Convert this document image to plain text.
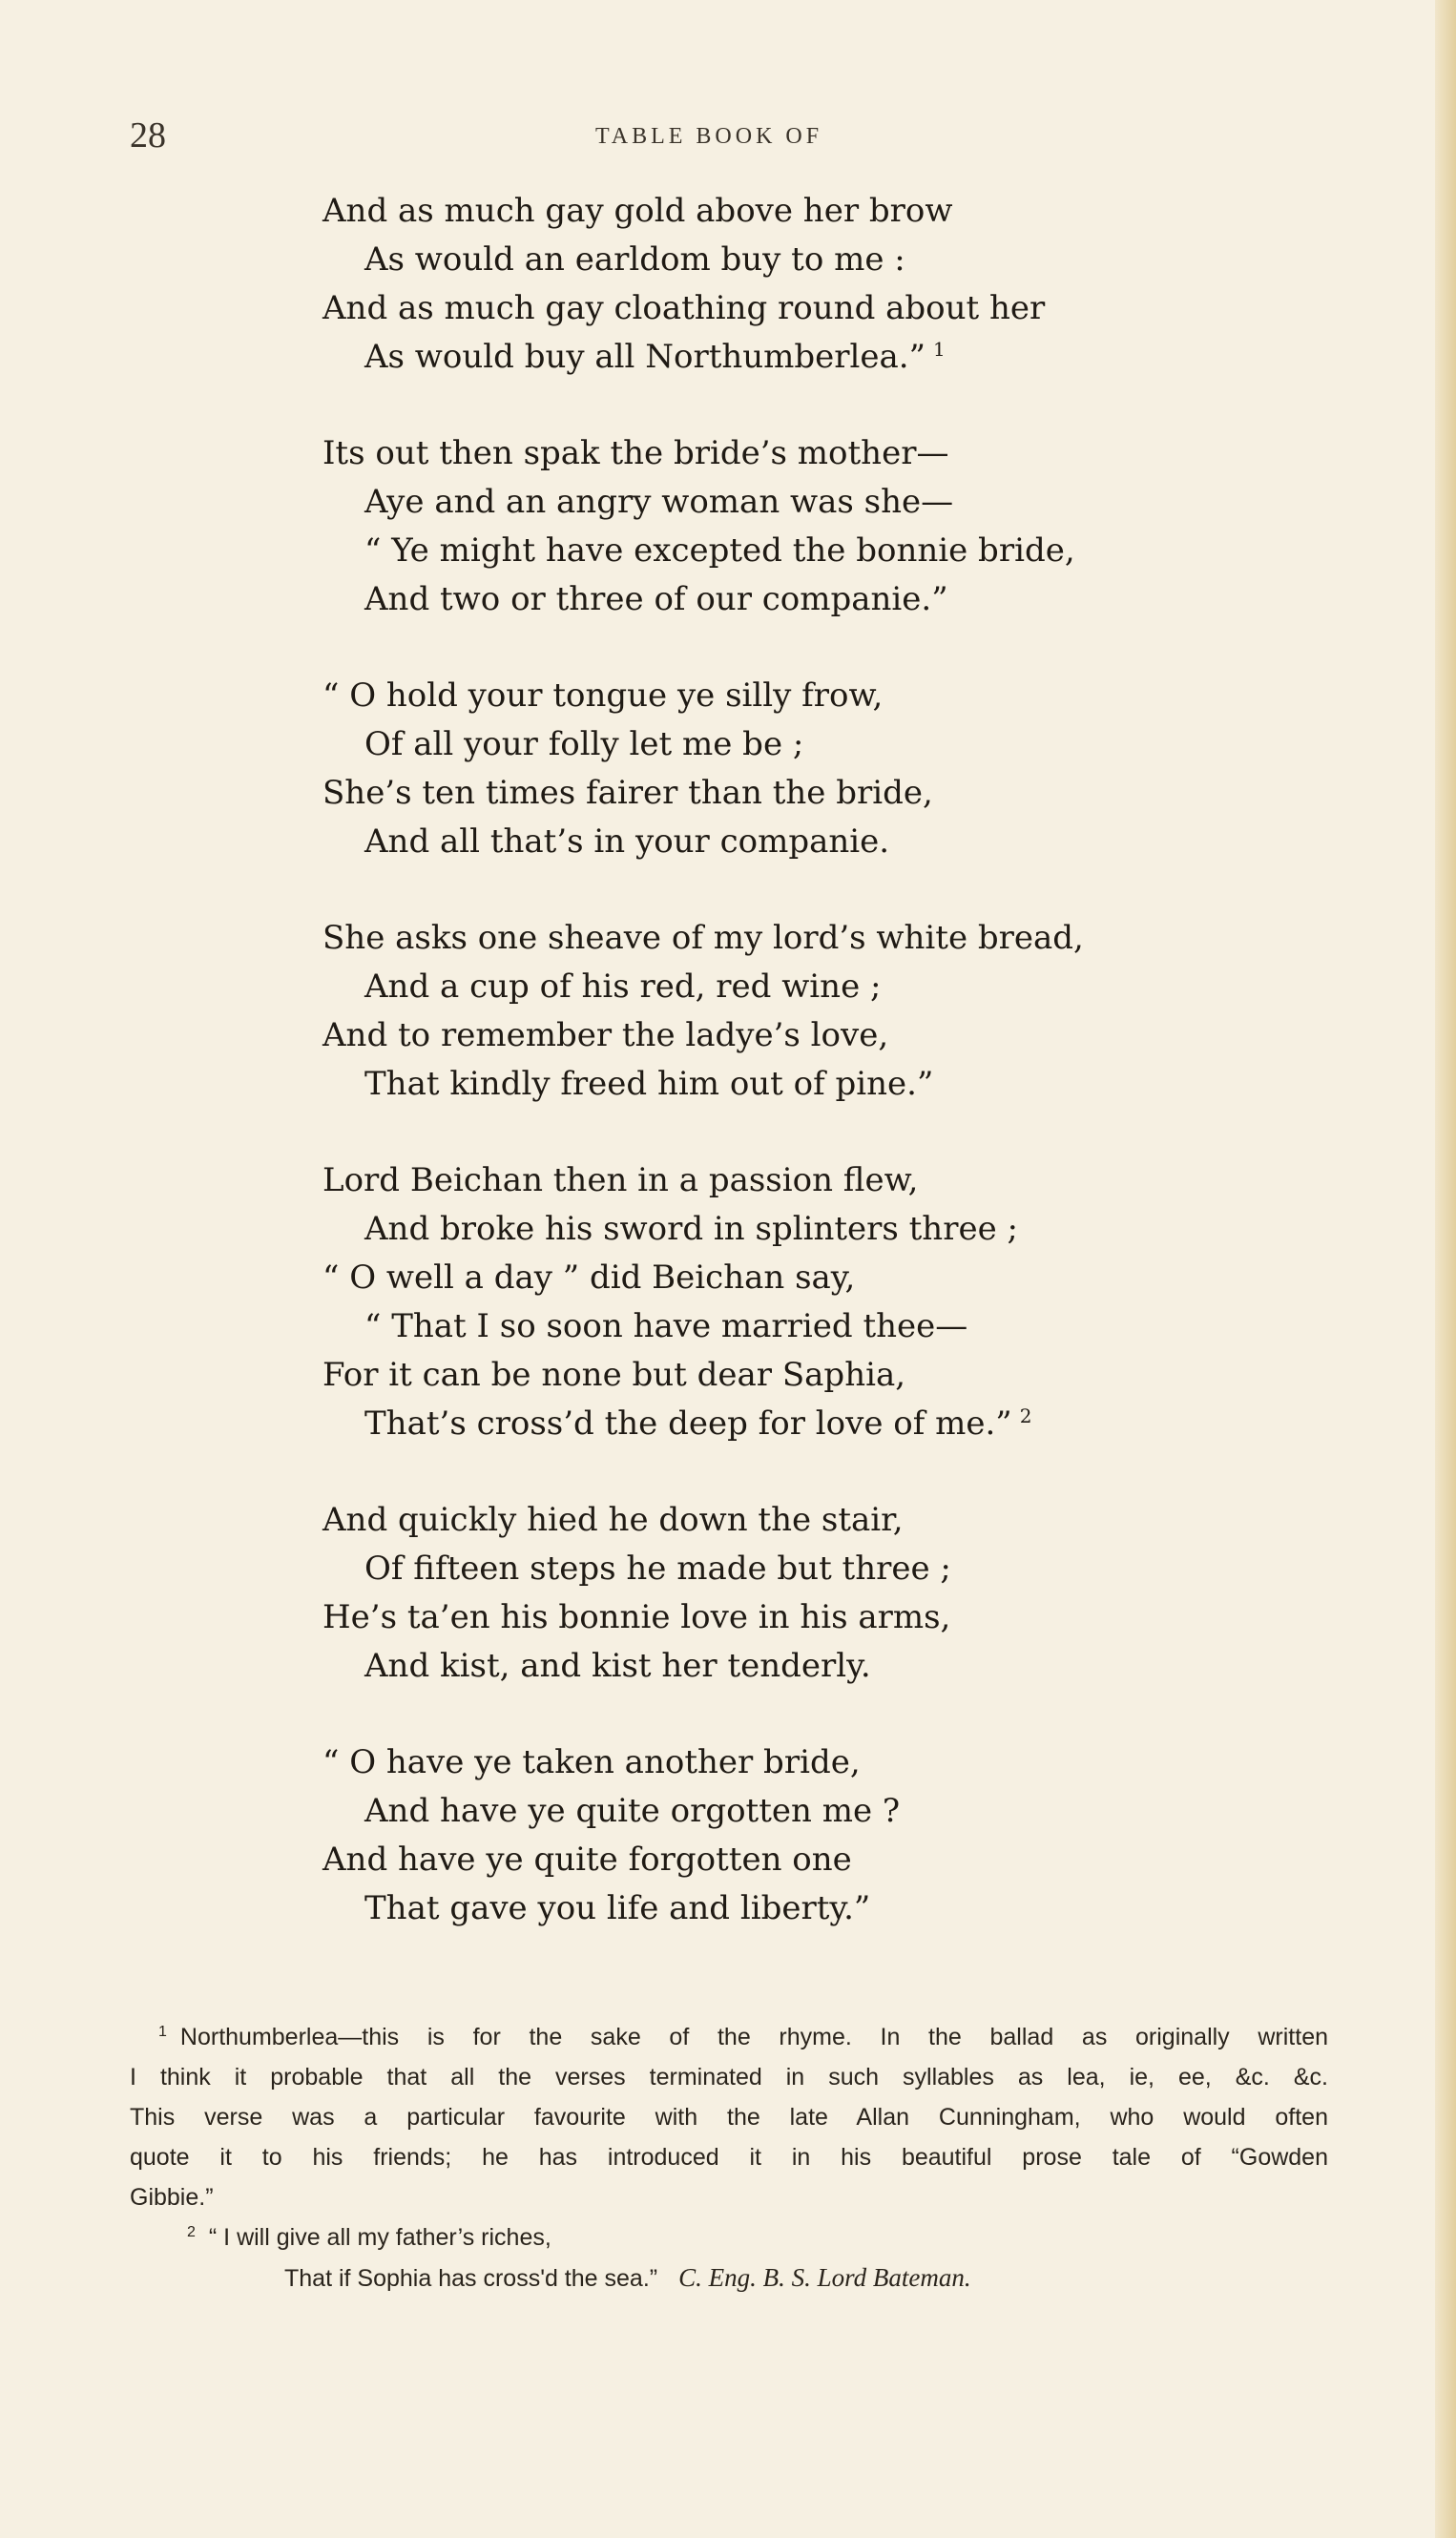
28	TABLE BOOK OF
And as much gay gold above her brow
As would an earldom buy to me :
And as much gay cloathing round about her
As would buy all Northumberlea.” $^1$
Its out then spak the bride’s mother—
Aye and an angry woman was she—
“ Ye might have excepted the bonnie bride,
And two or three of our companie.”
“ O hold your tongue ye silly frow,
Of all your folly let me be ;
She’s ten times fairer than the bride,
And all that’s in your companie.
She asks one sheave of my lord’s white bread,
And a cup of his red, red wine ;
And to remember the ladye’s love,
That kindly freed him out of pine.”
Lord Beichan then in a passion flew,
And broke his sword in splinters three ;
“ O well a day ” did Beichan say,
“ That I so soon have married thee—
For it can be none but dear Saphia,
That’s cross’d the deep for love of me.” $^2$
And quickly hied he down the stair,
Of fifteen steps he made but three ;
He’s ta’en his bonnie love in his arms,
And kist, and kist her tenderly.
“ O have ye taken another bride,
And have ye quite orgotten me ?
And have ye quite forgotten one
That gave you life and liberty.”
$^1$ Northumberlea—this is for the sake of the rhyme. In the ballad as originally written
I think it probable that all the verses terminated in such syllables as lea, ie, ee, &c. &c.
This verse was a particular favourite with the late Allan Cunningham, who would often
quote it to his friends; he has introduced it in his beautiful prose tale of “Gowden
Gibbie.”
$^2$ “ I will give all my father’s riches,
That if Sophia has cross'd the sea.” C. Eng. B. S. Lord Bateman.
